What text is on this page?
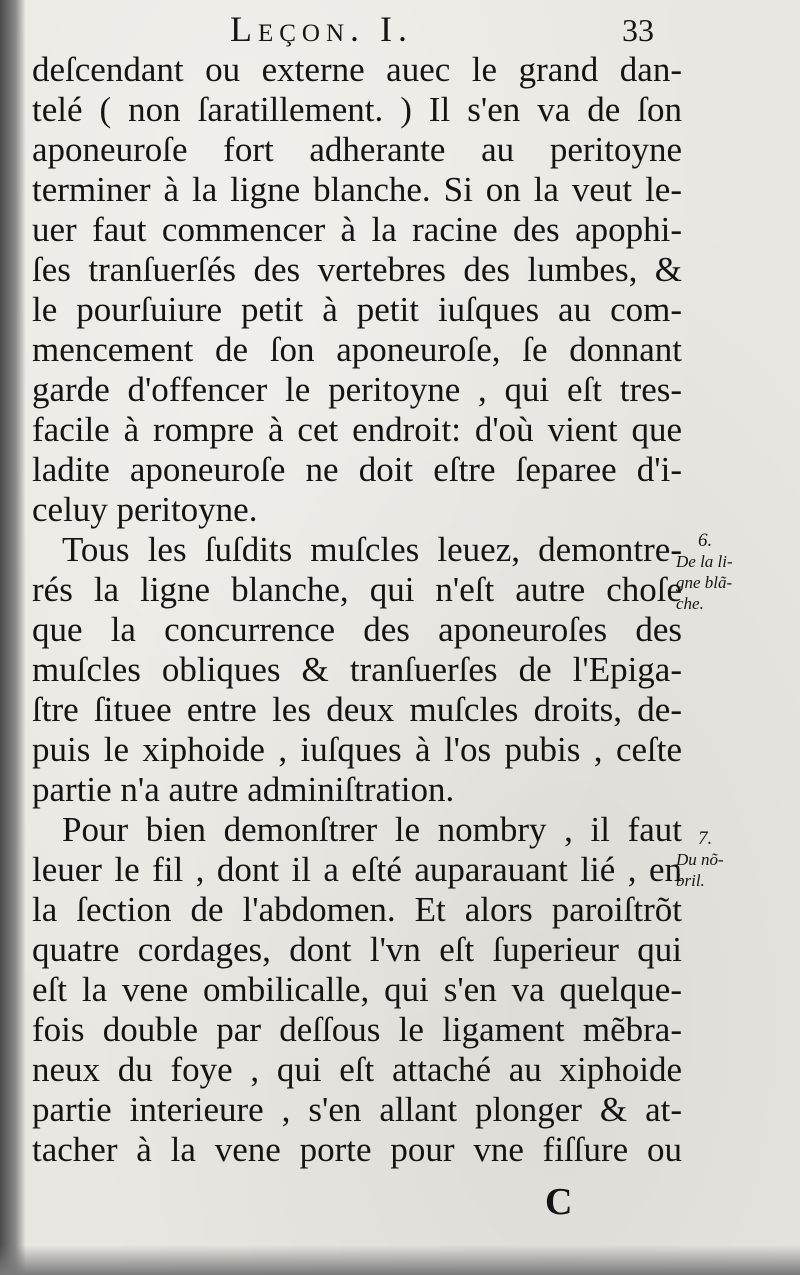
Leçon. I.	33
deſcendant ou externe auec le grand dan-
telé ( non ſaratillement. ) Il s'en va de ſon
aponeuroſe fort adherante au peritoyne
terminer à la ligne blanche. Si on la veut le-
uer faut commencer à la racine des apophi-
ſes tranſuerſés des vertebres des lumbes, &
le pourſuiure petit à petit iuſques au com-
mencement de ſon aponeuroſe, ſe donnant
garde d'offencer le peritoyne , qui eſt tres-
facile à rompre à cet endroit: d'où vient que
ladite aponeuroſe ne doit eſtre ſeparee d'i-
celuy peritoyne.
Tous les ſuſdits muſcles leuez, demontre-
rés la ligne blanche, qui n'eſt autre choſe
que la concurrence des aponeuroſes des
muſcles obliques & tranſuerſes de l'Epiga-
ſtre ſituee entre les deux muſcles droits, de-
puis le xiphoide , iuſques à l'os pubis , ceſte
partie n'a autre adminiſtration.
Pour bien demonſtrer le nombry , il faut
leuer le fil , dont il a eſté auparauant lié , en
la ſection de l'abdomen. Et alors paroiſtrõt
quatre cordages, dont l'vn eſt ſuperieur qui
eſt la vene ombilicalle, qui s'en va quelque-
fois double par deſſous le ligament mẽbra-
neux du foye , qui eſt attaché au xiphoide
partie interieure , s'en allant plonger & at-
tacher à la vene porte pour vne fiſſure ou
6.
De la li-
gne blã-
che.
7.
Du nõ-
bril.
C
